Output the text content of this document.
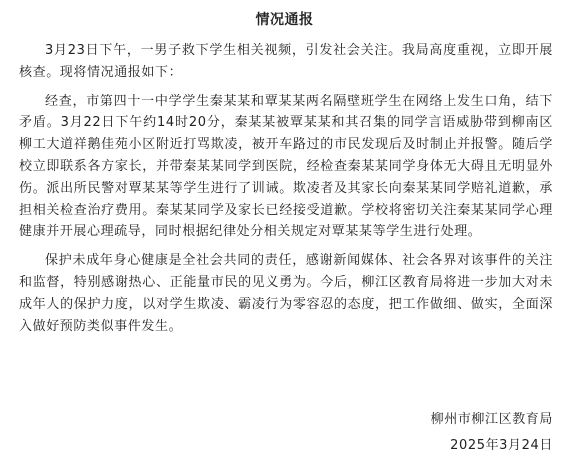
情况通报

3月23日下午，一男子救下学生相关视频，引发社会关注。我局高度重视，立即开展核查。现将情况通报如下：

经查，市第四十一中学学生秦某某和覃某某两名隔壁班学生在网络上发生口角，结下矛盾。3月22日下午约14时20分，秦某某被覃某某和其召集的同学言语威胁带到柳南区柳工大道祥鹅佳苑小区附近打骂欺凌，被开车路过的市民发现后及时制止并报警。随后学校立即联系各方家长，并带秦某某同学到医院，经检查秦某某同学身体无大碍且无明显外伤。派出所民警对覃某某等学生进行了训诫。欺凌者及其家长向秦某某同学赔礼道歉，承担相关检查治疗费用。秦某某同学及家长已经接受道歉。学校将密切关注秦某某同学心理健康并开展心理疏导，同时根据纪律处分相关规定对覃某某等学生进行处理。

保护未成年身心健康是全社会共同的责任，感谢新闻媒体、社会各界对该事件的关注和监督，特别感谢热心、正能量市民的见义勇为。今后，柳江区教育局将进一步加大对未成年人的保护力度，以对学生欺凌、霸凌行为零容忍的态度，把工作做细、做实，全面深入做好预防类似事件发生。

柳州市柳江区教育局
2025年3月24日
